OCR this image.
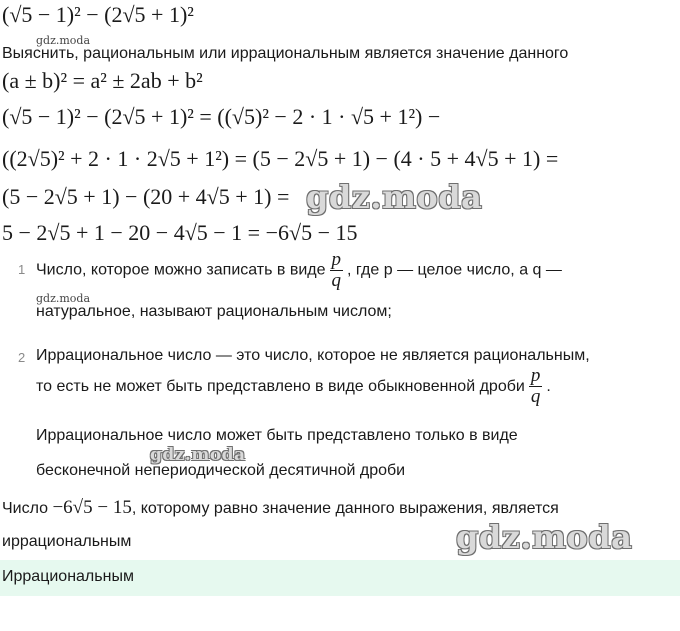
(√5 − 1)² − (2√5 + 1)²
gdz.moda
Выяснить, рациональным или иррациональным является значение данного
(a ± b)² = a² ± 2ab + b²
(√5 − 1)² − (2√5 + 1)² = ((√5)² − 2 · 1 · √5 + 1²) −
((2√5)² + 2 · 1 · 2√5 + 1²) = (5 − 2√5 + 1) − (4 · 5 + 4√5 + 1) =
(5 − 2√5 + 1) − (20 + 4√5 + 1) = gdz.moda
5 − 2√5 + 1 − 20 − 4√5 − 1 = −6√5 − 15
1 Число, которое можно записать в виде $\frac{p}{q}$ , где p — целое число, а q —
gdz.moda
натуральное, называют рациональным числом;
2 Иррациональное число — это число, которое не является рациональным,
то есть не может быть представлено в виде обыкновенной дроби $\frac{p}{q}$ .
Иррациональное число может быть представлено только в виде
gdz.moda
бесконечной непериодической десятичной дроби
Число −6√5 − 15, которому равно значение данного выражения, является
иррациональным	gdz.moda
Иррациональным
